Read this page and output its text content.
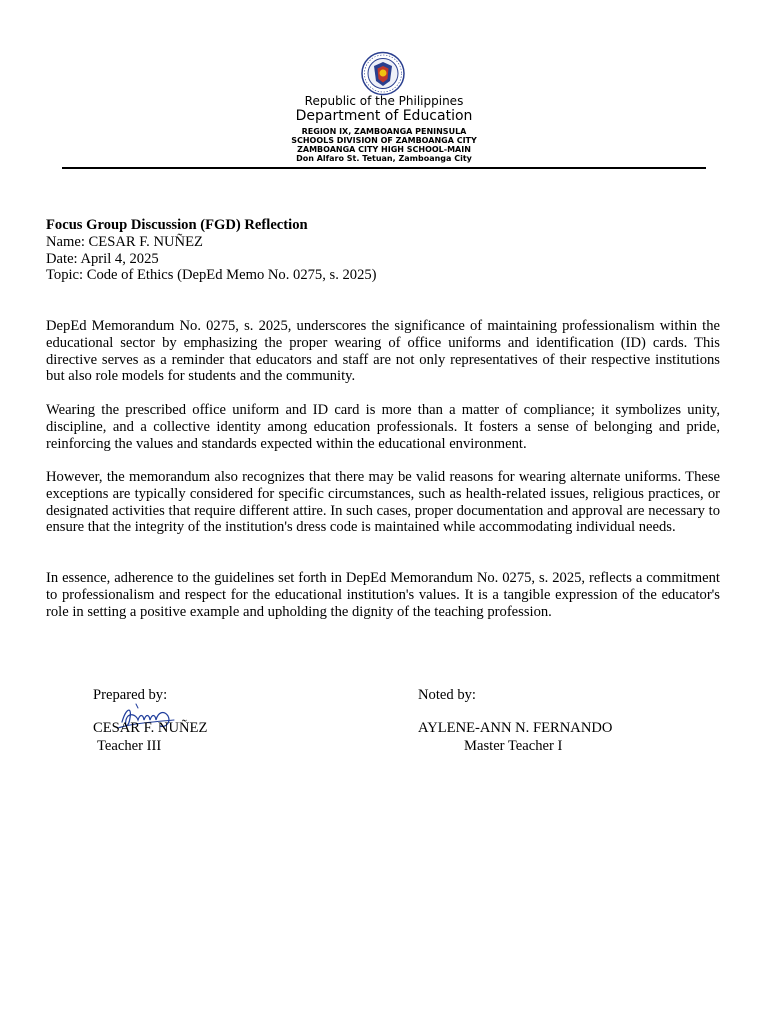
Republic of the Philippines
Department of Education
REGION IX, ZAMBOANGA PENINSULA
SCHOOLS DIVISION OF ZAMBOANGA CITY
ZAMBOANGA CITY HIGH SCHOOL-MAIN
Don Alfaro St. Tetuan, Zamboanga City
Focus Group Discussion (FGD) Reflection
Name: CESAR F. NUÑEZ
Date: April 4, 2025
Topic: Code of Ethics (DepEd Memo No. 0275, s. 2025)
DepEd Memorandum No. 0275, s. 2025, underscores the significance of maintaining professionalism within the educational sector by emphasizing the proper wearing of office uniforms and identification (ID) cards. This directive serves as a reminder that educators and staff are not only representatives of their respective institutions but also role models for students and the community.
Wearing the prescribed office uniform and ID card is more than a matter of compliance; it symbolizes unity, discipline, and a collective identity among education professionals. It fosters a sense of belonging and pride, reinforcing the values and standards expected within the educational environment.
However, the memorandum also recognizes that there may be valid reasons for wearing alternate uniforms. These exceptions are typically considered for specific circumstances, such as health-related issues, religious practices, or designated activities that require different attire. In such cases, proper documentation and approval are necessary to ensure that the integrity of the institution's dress code is maintained while accommodating individual needs.
In essence, adherence to the guidelines set forth in DepEd Memorandum No. 0275, s. 2025, reflects a commitment to professionalism and respect for the educational institution's values. It is a tangible expression of the educator's role in setting a positive example and upholding the dignity of the teaching profession.
Prepared by:
CESAR F. NUÑEZ
Teacher III
Noted by:
AYLENE-ANN N. FERNANDO
Master Teacher I
